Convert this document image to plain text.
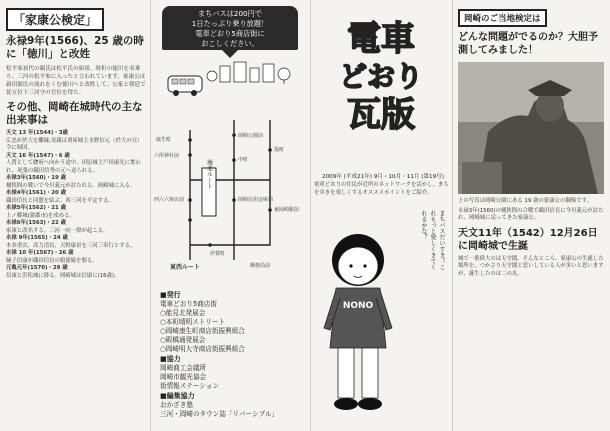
「家康公検定」
永禄9年(1566)、25 歳の時に「徳川」と改姓

松平家初代の親氏は松平氏の始祖。時折の徳川を名乗り、三河の松平家に入ったと言われています。家康公は新田源氏の流れをくむ徳川へと改姓して、公家と朝廷で従五位下三河守の官位を得た。

その他、岡崎在城時代の主な出来事は
天文 13 年(1544)・3歳
広忠が於大を離縁,母親は刈屋城主水野信元（於大の兄）令に帰国。
天文 16 年(1547)・6 歳
人質として駿府へ向かう途中、田原城主戸田康光に奪われ、尾張の織田信秀の元へ送られる。
永禄3年(1560)・19 歳
桶狭間の戦いで今川義元が討たれる。岡崎城に入る。
永禄4年(1561)・20 歳
織田信長と同盟を結ぶ。西三河を平定する。
永禄5年(1562)・21 歳
上ノ郷城(蒲郡市)を攻める。
永禄6年(1563)・22 歳
家康と改名する。三河一向一揆が起こる。
永禄 9年(1565)・24 歳
本多重次、高力清長、天野康景を三河三奉行とする。
永禄 10 年(1567)・26 歳
嫡子信康が織田信長の娘徳姫を娶る。
元亀元年(1570)・29 歳
信康と浜松城に移る。岡崎城は信康に(16歳)。
まちバスは200円で
1日たっぷり乗り放題！
電車どおり5商店街に
おこしください。
南北ルート
康生町
六所神社前
西六六角店前
岡崎公園前
中町
岡崎信用金庫前
投町
東岡崎駅前
伊賀町
郵便局前
東西ルート
■発行
電車どおり5商店街
○能見北発展会
○本町晴明ストリート
○岡崎康生町商店街振興組合
○殿橋通発展会
○岡崎明大寺商店街振興組合
■協力
岡崎商工会議所
岡崎市観光協会
街情報ステーション
■編集協力
おかざき塾
三河・岡崎のタウン誌「リバーシブル」
電車
どおり
瓦版
2009年 (平成21年) 9月・10月・11月 (第19号)
電車どおりの住民が近所のネットワークを活かし、まちを歩きを楽しくするオススメポイントをご紹介。
NONO
まちバスだいすき！これもっと楽しくきてくれるかな？
岡崎のご当地検定は
どんな問題がでるのか？大胆予測してみました！

上の写真は岡崎公園にある 19 歳の家康公の銅像です。

永禄3年(1560)の桶狭間の合戦で織田信長に今川義元が討たれ、岡崎城に戻ってきた家康公。

天文11年（1542）12月26日に岡崎城で生誕

城で一番偉大のは天守閣。そんなところ、家康公の生誕した場所を、つかさり天守閣と思いしている人が多いと思いますが、誕生したのは二の丸。
